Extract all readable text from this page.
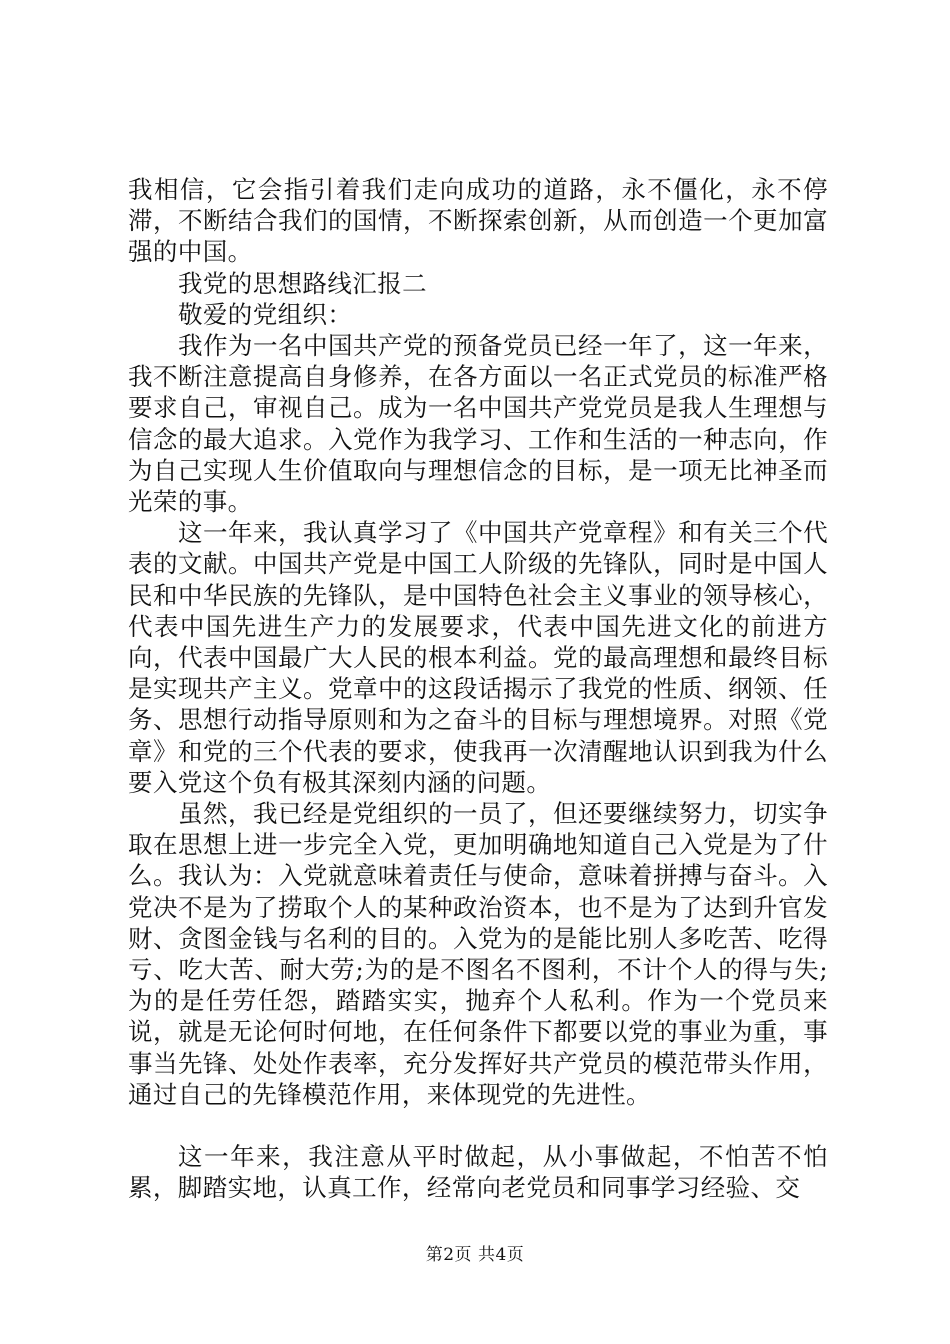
我相信，它会指引着我们走向成功的道路，永不僵化，永不停滞，不断结合我们的国情，不断探索创新，从而创造一个更加富强的中国。

我党的思想路线汇报二

敬爱的党组织：

我作为一名中国共产党的预备党员已经一年了，这一年来，我不断注意提高自身修养，在各方面以一名正式党员的标准严格要求自己，审视自己。成为一名中国共产党党员是我人生理想与信念的最大追求。入党作为我学习、工作和生活的一种志向，作为自己实现人生价值取向与理想信念的目标，是一项无比神圣而光荣的事。

这一年来，我认真学习了《中国共产党章程》和有关三个代表的文献。中国共产党是中国工人阶级的先锋队，同时是中国人民和中华民族的先锋队，是中国特色社会主义事业的领导核心，代表中国先进生产力的发展要求，代表中国先进文化的前进方向，代表中国最广大人民的根本利益。党的最高理想和最终目标是实现共产主义。党章中的这段话揭示了我党的性质、纲领、任务、思想行动指导原则和为之奋斗的目标与理想境界。对照《党章》和党的三个代表的要求，使我再一次清醒地认识到我为什么要入党这个负有极其深刻内涵的问题。

虽然，我已经是党组织的一员了，但还要继续努力，切实争取在思想上进一步完全入党，更加明确地知道自己入党是为了什么。我认为：入党就意味着责任与使命，意味着拼搏与奋斗。入党决不是为了捞取个人的某种政治资本，也不是为了达到升官发财、贪图金钱与名利的目的。入党为的是能比别人多吃苦、吃得亏、吃大苦、耐大劳;为的是不图名不图利，不计个人的得与失;为的是任劳任怨，踏踏实实，抛弃个人私利。作为一个党员来说，就是无论何时何地，在任何条件下都要以党的事业为重，事事当先锋、处处作表率，充分发挥好共产党员的模范带头作用，通过自己的先锋模范作用，来体现党的先进性。

这一年来，我注意从平时做起，从小事做起，不怕苦不怕累，脚踏实地，认真工作，经常向老党员和同事学习经验、交

第2页 共4页
